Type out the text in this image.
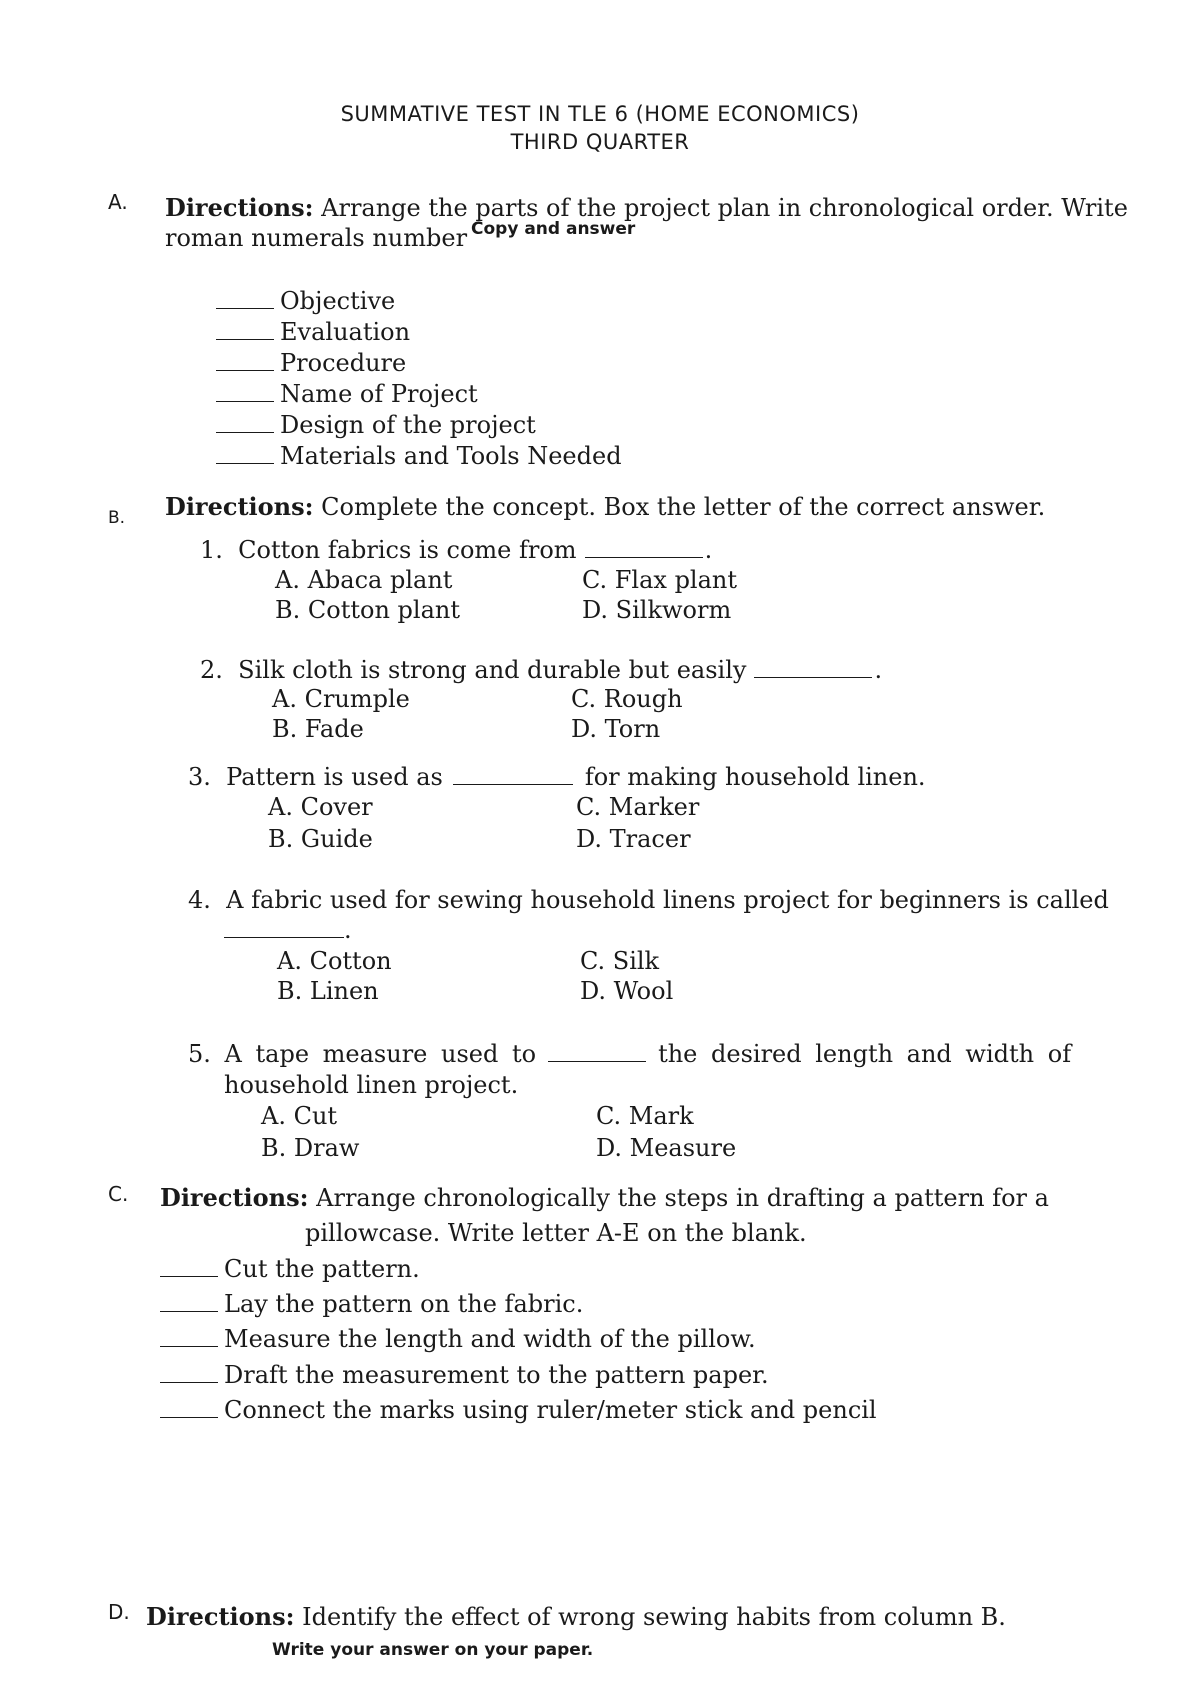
SUMMATIVE TEST IN TLE 6 (HOME ECONOMICS)
THIRD QUARTER
A. Directions: Arrange the parts of the project plan in chronological order. Write
roman numerals number Copy and answer
Objective
Evaluation
Procedure
Name of Project
Design of the project
Materials and Tools Needed
B. Directions: Complete the concept. Box the letter of the correct answer.
1. Cotton fabrics is come from	.
A. Abaca plant
B. Cotton plant
C. Flax plant
D. Silkworm
2. Silk cloth is strong and durable but easily	.
A. Crumple
B. Fade
C. Rough
D. Torn
3. Pattern is used as	for making household linen.
A. Cover
B. Guide
C. Marker
D. Tracer
4. A fabric used for sewing household linens project for beginners is called
.
A. Cotton
B. Linen
C. Silk
D. Wool
5. A tape measure used to	the desired length and width of
household linen project.
A. Cut
B. Draw
C. Mark
D. Measure
C. Directions: Arrange chronologically the steps in drafting a pattern for a
pillowcase. Write letter A-E on the blank.
Cut the pattern.
Lay the pattern on the fabric.
Measure the length and width of the pillow.
Draft the measurement to the pattern paper.
Connect the marks using ruler/meter stick and pencil
D. Directions: Identify the effect of wrong sewing habits from column B.
Write your answer on your paper.
